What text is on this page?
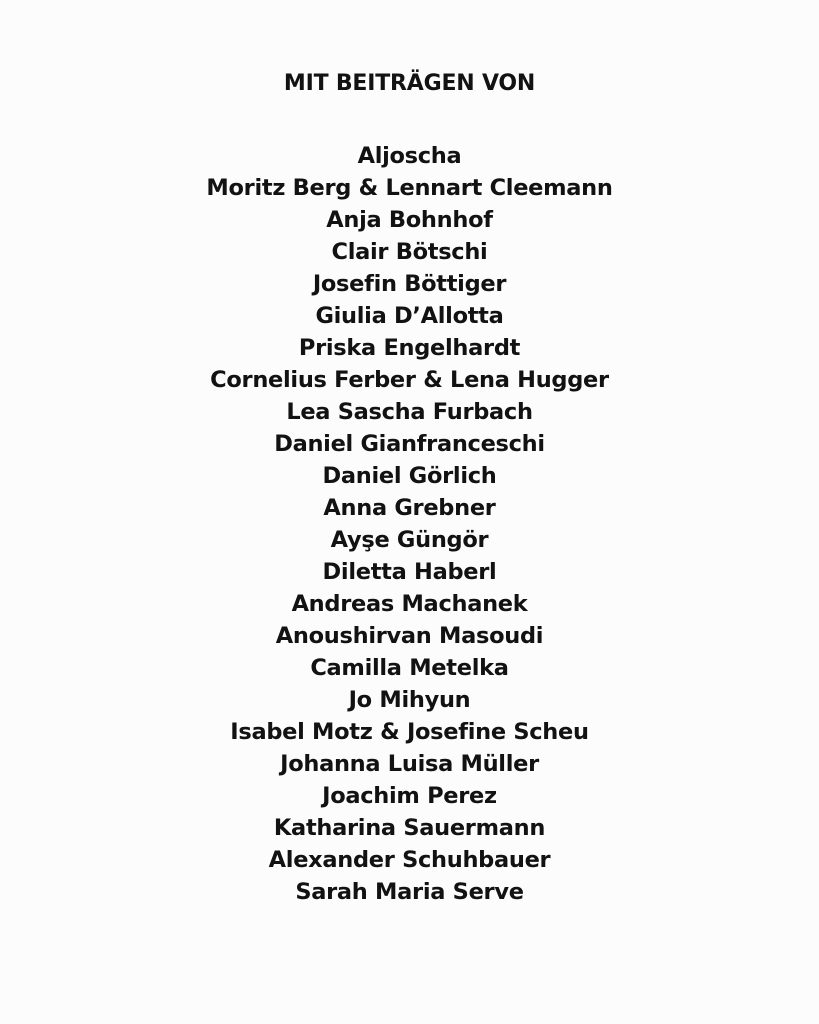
MIT BEITRÄGEN VON
Aljoscha
Moritz Berg & Lennart Cleemann
Anja Bohnhof
Clair Bötschi
Josefin Böttiger
Giulia D’Allotta
Priska Engelhardt
Cornelius Ferber & Lena Hugger
Lea Sascha Furbach
Daniel Gianfranceschi
Daniel Görlich
Anna Grebner
Ayşe Güngör
Diletta Haberl
Andreas Machanek
Anoushirvan Masoudi
Camilla Metelka
Jo Mihyun
Isabel Motz & Josefine Scheu
Johanna Luisa Müller
Joachim Perez
Katharina Sauermann
Alexander Schuhbauer
Sarah Maria Serve
